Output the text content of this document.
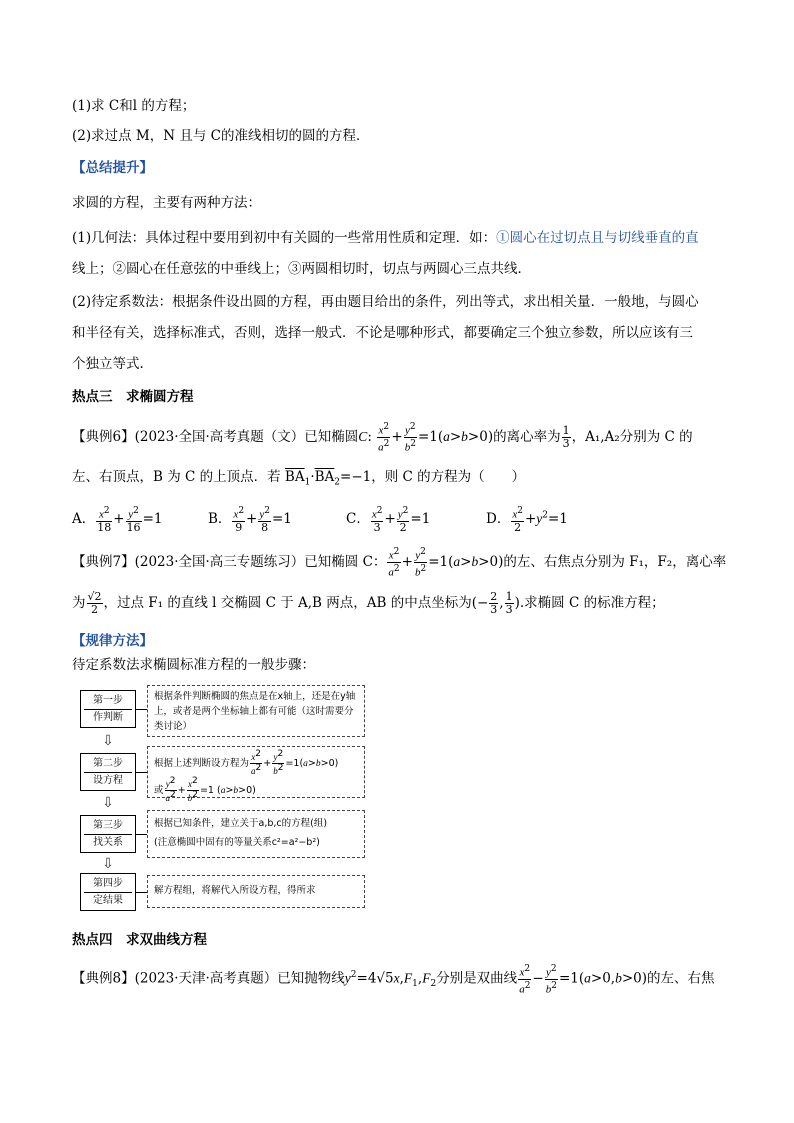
(1)求 C和l 的方程；
(2)求过点 M，N 且与 C的准线相切的圆的方程．
【总结提升】
求圆的方程，主要有两种方法：
(1)几何法：具体过程中要用到初中有关圆的一些常用性质和定理．如：①圆心在过切点且与切线垂直的直
线上；②圆心在任意弦的中垂线上；③两圆相切时，切点与两圆心三点共线．
(2)待定系数法：根据条件设出圆的方程，再由题目给出的条件，列出等式，求出相关量．一般地，与圆心
和半径有关，选择标准式，否则，选择一般式．不论是哪种形式，都要确定三个独立参数，所以应该有三
个独立等式．
热点三　求椭圆方程
【典例6】(2023·全国·高考真题（文）已知椭圆C: $\frac{x^2}{a^2} + \frac{y^2}{b^2} =1(a>b>0)$的离心率为 $\frac{1}{3}$ ，A₁,A₂分别为 C 的
左、右顶点，B 为 C 的上顶点．若 $\overline{BA}_1\cdot\overline{BA}_2=-1$，则 C 的方程为（　　）
A． $\frac{x^2}{18} + \frac{y^2}{16} =1$	B． $\frac{x^2}{9} + \frac{y^2}{8} =1$	C． $\frac{x^2}{3} + \frac{y^2}{2} =1$	D． $\frac{x^2}{2} +y^2=1$
【典例7】(2023·全国·高三专题练习）已知椭圆 C： $\frac{x^2}{a^2} + \frac{y^2}{b^2} =1(a>b>0)$的左、右焦点分别为 F₁，F₂，离心率
为 $\frac{√2}{2}$ ，过点 F₁ 的直线 l 交椭圆 C 于 A,B 两点，AB 的中点坐标为(− $\frac{2}{3}$ , $\frac{1}{3}$ ).求椭圆 C 的标准方程；
【规律方法】
待定系数法求椭圆标准方程的一般步骤：
第一步
作判断
根据条件判断椭圆的焦点是在x轴上，还是在y轴上，或者是两个坐标轴上都有可能（这时需要分类讨论）
⇩
第二步
设方程
根据上述判断设方程为 $\frac{x2}{a2} + \frac{y2}{b2} =1(a>b>0)$
或 $\frac{y2}{a2} + \frac{x2}{b2} =1$ (a>b>0)
⇩
第三步
找关系
根据已知条件，建立关于a,b,c的方程(组)
(注意椭圆中固有的等量关系c²=a²−b²)
⇩
第四步
定结果
解方程组，将解代入所设方程，得所求
热点四　求双曲线方程
【典例8】(2023·天津·高考真题）已知抛物线$y^2=4√5x,F_1,F_2$分别是双曲线 $\frac{x^2}{a^2} - \frac{y^2}{b^2} =1(a>0,b>0)$的左、右焦
